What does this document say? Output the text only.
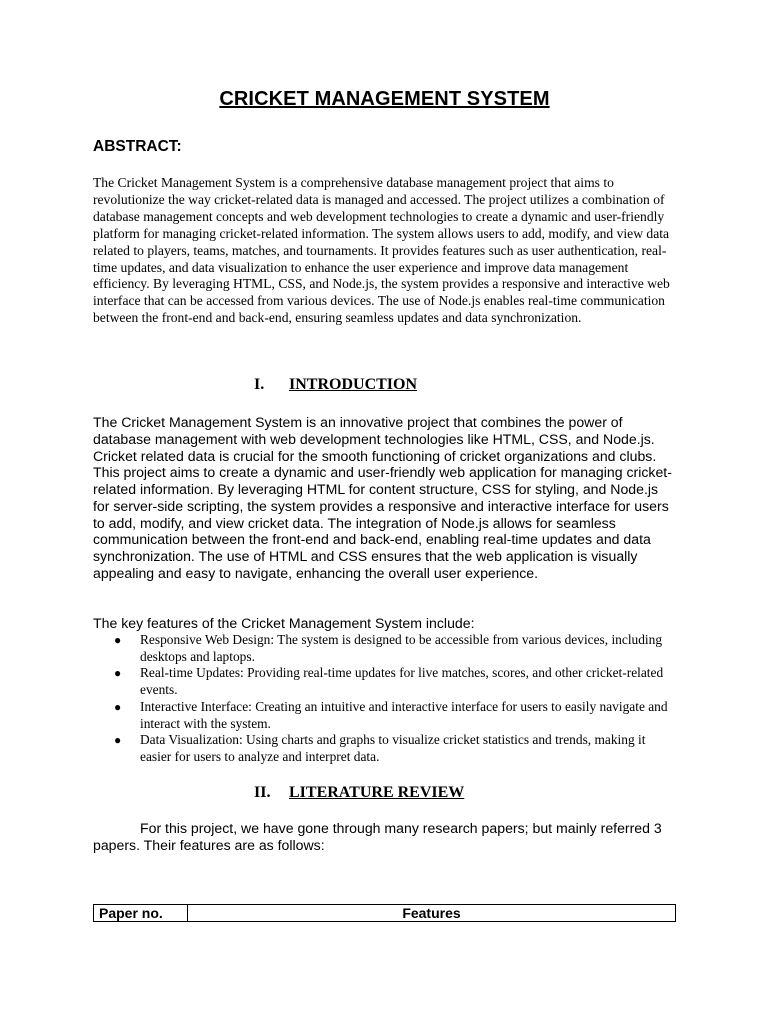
CRICKET MANAGEMENT SYSTEM
ABSTRACT:

The Cricket Management System is a comprehensive database management project that aims to revolutionize the way cricket-related data is managed and accessed. The project utilizes a combination of database management concepts and web development technologies to create a dynamic and user-friendly platform for managing cricket-related information. The system allows users to add, modify, and view data related to players, teams, matches, and tournaments. It provides features such as user authentication, real-time updates, and data visualization to enhance the user experience and improve data management efficiency. By leveraging HTML, CSS, and Node.js, the system provides a responsive and interactive web interface that can be accessed from various devices. The use of Node.js enables real-time communication between the front-end and back-end, ensuring seamless updates and data synchronization.

I. INTRODUCTION

The Cricket Management System is an innovative project that combines the power of database management with web development technologies like HTML, CSS, and Node.js. Cricket related data is crucial for the smooth functioning of cricket organizations and clubs. This project aims to create a dynamic and user-friendly web application for managing cricket-related information. By leveraging HTML for content structure, CSS for styling, and Node.js for server-side scripting, the system provides a responsive and interactive interface for users to add, modify, and view cricket data. The integration of Node.js allows for seamless communication between the front-end and back-end, enabling real-time updates and data synchronization. The use of HTML and CSS ensures that the web application is visually appealing and easy to navigate, enhancing the overall user experience.

The key features of the Cricket Management System include:

● Responsive Web Design: The system is designed to be accessible from various devices, including desktops and laptops.
● Real-time Updates: Providing real-time updates for live matches, scores, and other cricket-related events.
● Interactive Interface: Creating an intuitive and interactive interface for users to easily navigate and interact with the system.
● Data Visualization: Using charts and graphs to visualize cricket statistics and trends, making it easier for users to analyze and interpret data.
II. LITERATURE REVIEW

For this project, we have gone through many research papers; but mainly referred 3 papers. Their features are as follows:

Paper no.	Features
